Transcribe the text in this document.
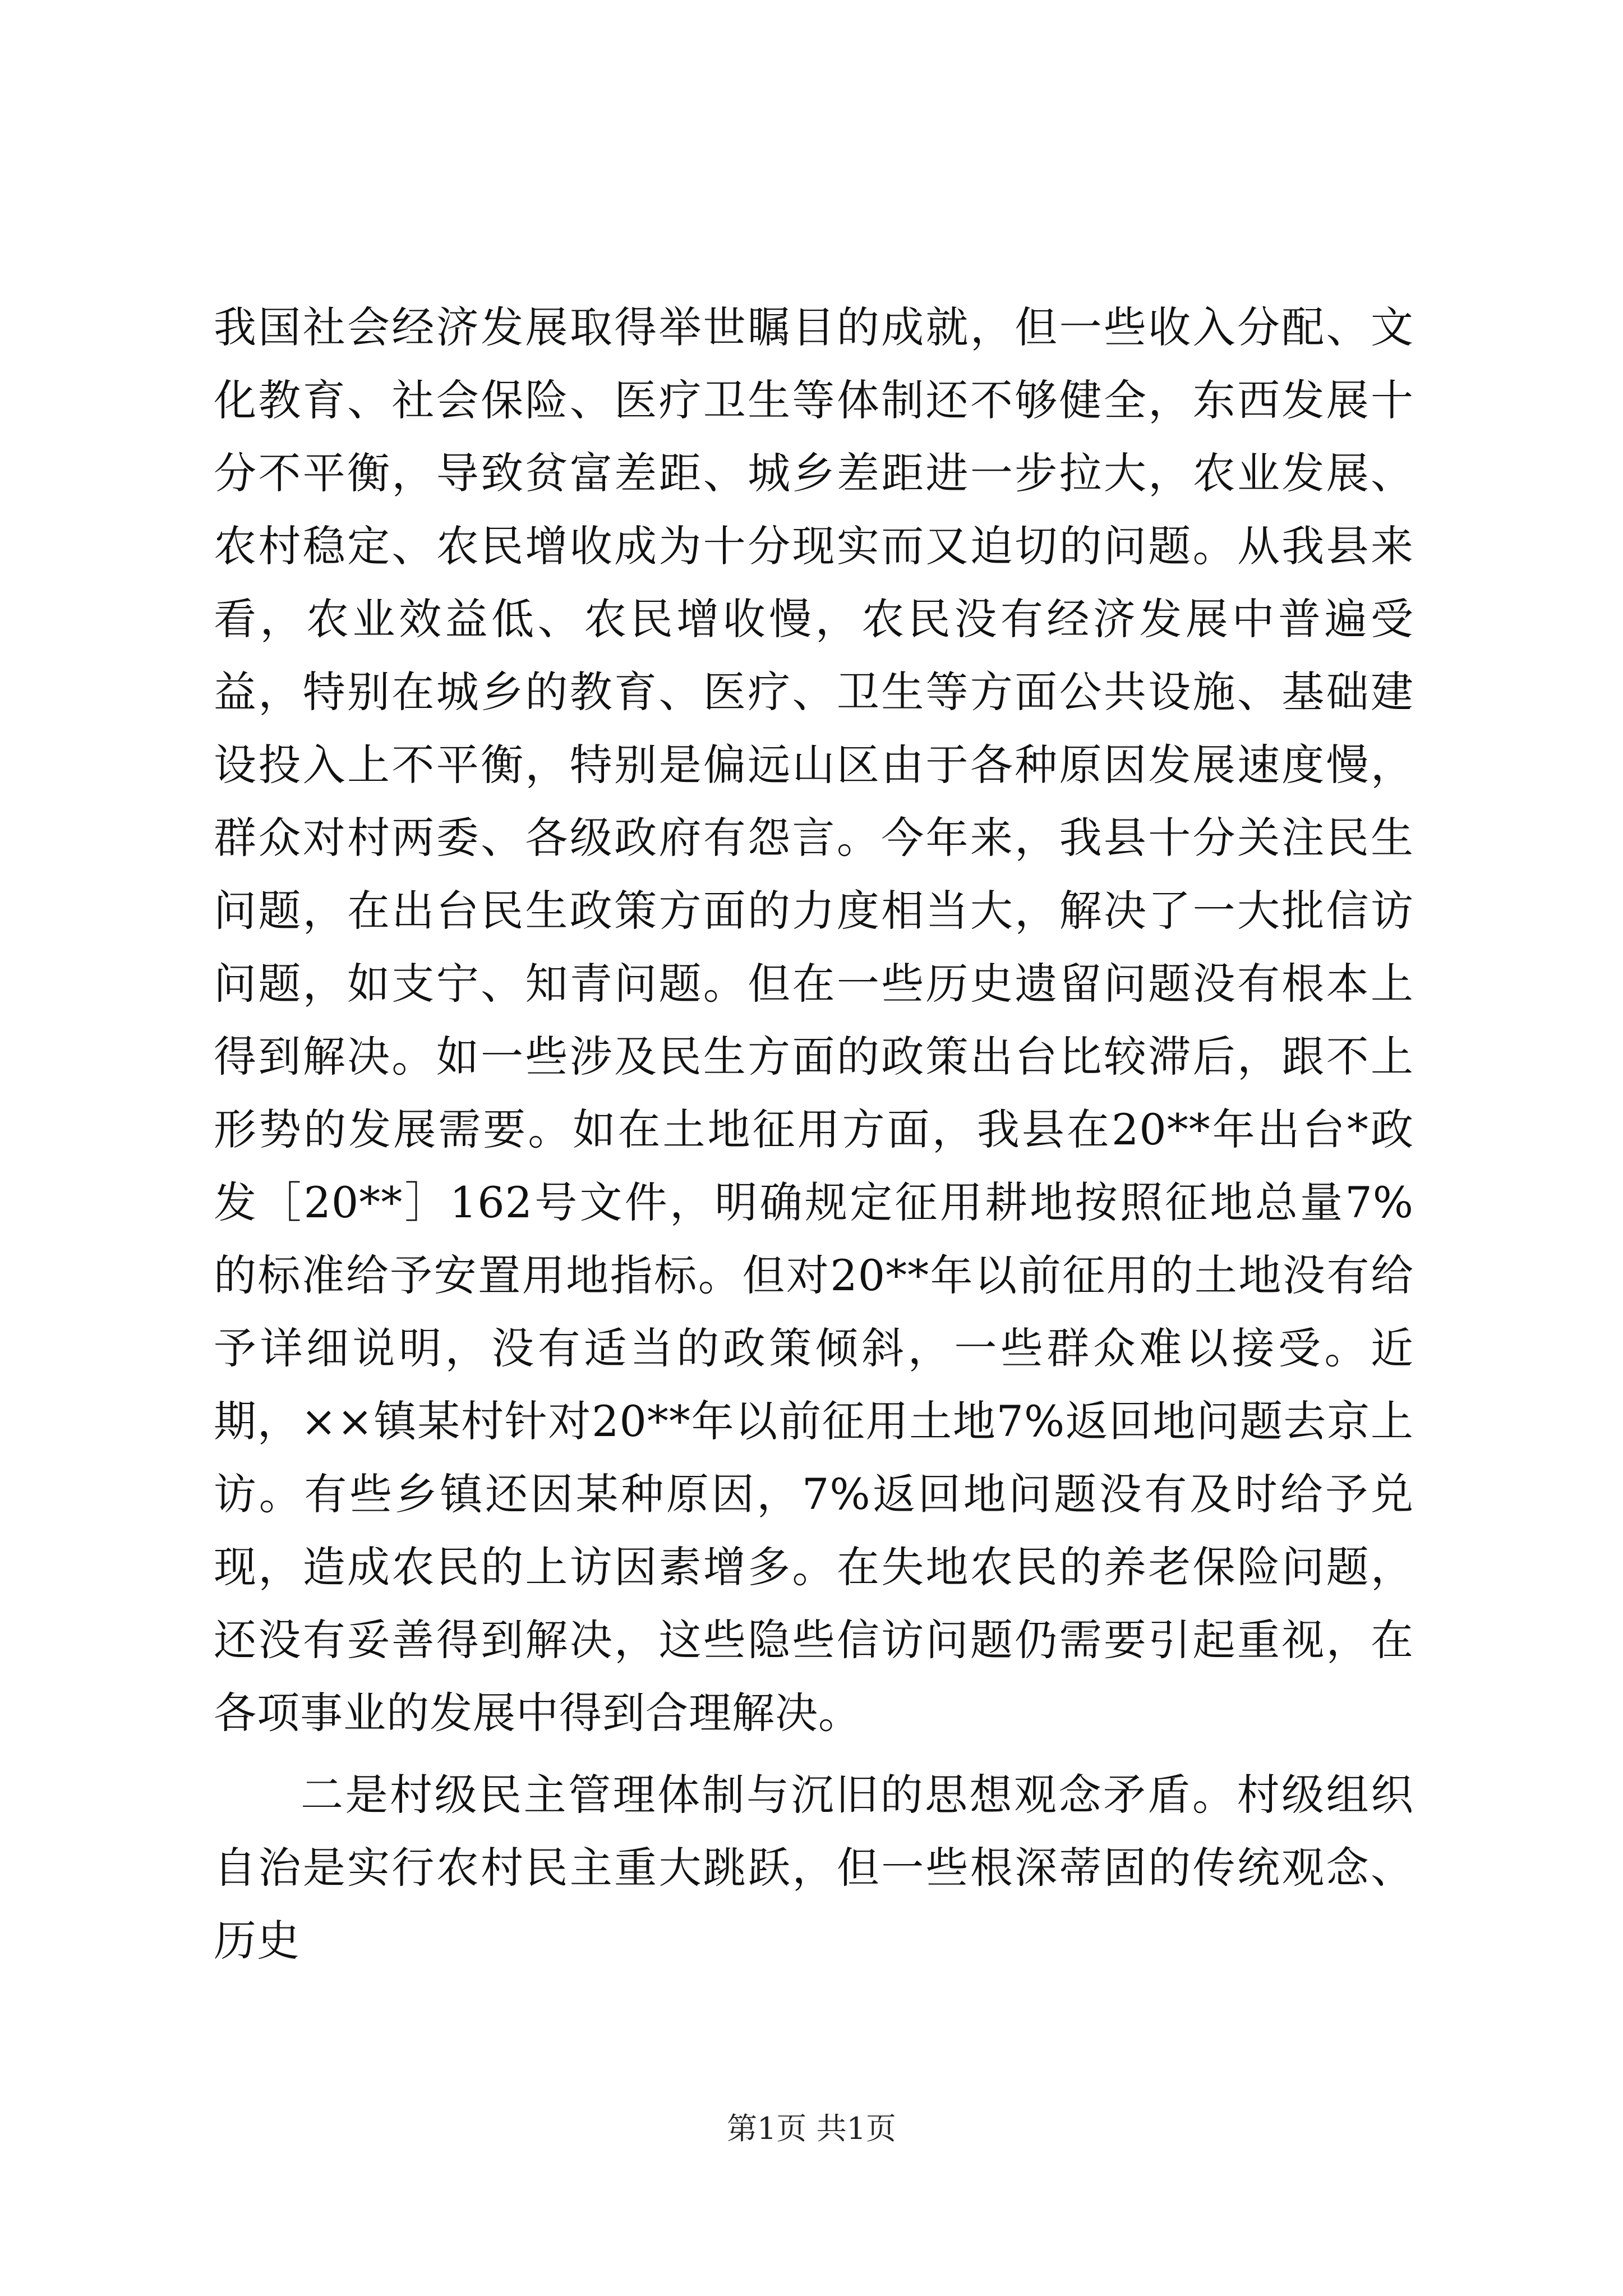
我国社会经济发展取得举世瞩目的成就，但一些收入分配、文化教育、社会保险、医疗卫生等体制还不够健全，东西发展十分不平衡，导致贫富差距、城乡差距进一步拉大，农业发展、农村稳定、农民增收成为十分现实而又迫切的问题。从我县来看，农业效益低、农民增收慢，农民没有经济发展中普遍受益，特别在城乡的教育、医疗、卫生等方面公共设施、基础建设投入上不平衡，特别是偏远山区由于各种原因发展速度慢，群众对村两委、各级政府有怨言。今年来，我县十分关注民生问题，在出台民生政策方面的力度相当大，解决了一大批信访问题，如支宁、知青问题。但在一些历史遗留问题没有根本上得到解决。如一些涉及民生方面的政策出台比较滞后，跟不上形势的发展需要。如在土地征用方面，我县在20**年出台*政发［20**］162号文件，明确规定征用耕地按照征地总量7%的标准给予安置用地指标。但对20**年以前征用的土地没有给予详细说明，没有适当的政策倾斜，一些群众难以接受。近期，××镇某村针对20**年以前征用土地7%返回地问题去京上访。有些乡镇还因某种原因，7%返回地问题没有及时给予兑现，造成农民的上访因素增多。在失地农民的养老保险问题，还没有妥善得到解决，这些隐些信访问题仍需要引起重视，在各项事业的发展中得到合理解决。

二是村级民主管理体制与沉旧的思想观念矛盾。村级组织自治是实行农村民主重大跳跃，但一些根深蒂固的传统观念、历史

第1页 共1页
